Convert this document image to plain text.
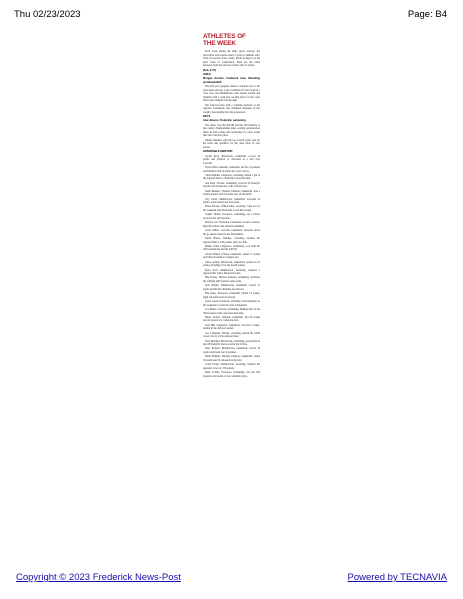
Thu 02/23/2023	Page: B4
ATHLETES OF
THE WEEK

Each week during the three sports seasons, the News-Post and Gazette select a group of athletes who, from all corners of the county, made an impact on the prior week of competition. Here are the latest honorees from the previous week's slate of action.

[Feb. 9-17]

GIRLS

Morgan Gordon, Frederick area, Wrestling and Basketball

The first-year grappler ended a standout run at the state duals and was a key contributor for her team in a close win over Middletown, then turned around and finished with a team-best scoring effort on the court before the weekend was through.

She followed that with a winning decision at the regional tournament and remained unbeaten in her weight class heading into the postseason.

BOYS

Alex Jimeno, Frederick, swimming

The senior won the 200 IM and the 100 butterfly at the county championship meet, posting personal-best times in both events and anchoring two relay teams that also took first place.

Jimeno finished with the top overall point total for his team and qualified for the state meet in four events.

HONORABLE MENTION

Jordan Ross, Brunswick, basketball, scored 24 points and grabbed 11 rebounds in a win over Catoctin.

Taylor Hunt, Oakdale, basketball, hit five 3-pointers and finished with 19 points in a road victory.

Chris Mendez, Linganore, wrestling, earned a pin in the regional final to claim the 152-pound title.

Ava Patel, Urbana, swimming, won the 50 freestyle and the 100 backstroke at the county meet.

Noah Bennett, Thomas Johnson, basketball, had a double-double with 16 points and 12 rebounds.

Lily Carter, Middletown, basketball, recorded 14 points, seven assists and five steals.

Ethan Brooks, Walkersville, wrestling, went 4-0 on the weekend with three pins to win his bracket.

Sophie Turner, Tuscarora, swimming, set a school record in the 200 freestyle.

Marcus Lee, Frederick, basketball, scored a season-high 28 points in the division semifinal.

Grace Miller, Catoctin, basketball, knocked down the go-ahead basket in the final minute.

Dylan Harris, Oakdale, wrestling, reached the regional final at 138 pounds after two falls.

Emma Clark, Linganore, swimming, won both the 100 breaststroke and the 200 IM.

Owen Walker, Urbana, basketball, added 17 points and nine rebounds in a league win.

Chloe Adams, Brunswick, basketball, poured in 22 points, including 10 in the fourth quarter.

Ryan Scott, Middletown, wrestling, captured a regional title with a third-period pin.

Mia Young, Thomas Johnson, swimming, anchored the winning 400 freestyle relay team.

Jack Wright, Walkersville, basketball, scored 15 points and hit the clinching free throws.

Ella King, Tuscarora, basketball, tallied 13 points, eight rebounds and four blocks.

Lucas Green, Frederick, wrestling, went unbeaten on the weekend to reach the state tournament.

Zoe Baker, Catoctin, swimming, finished first in the 500 freestyle with a personal-best time.

Henry Nelson, Oakdale, basketball, had 20 points and six assists in a comeback win.

Aria Hill, Linganore, basketball, recorded a triple-double in the division opener.

Leo Campbell, Urbana, wrestling, earned his 100th career victory at the regional meet.

Nora Mitchell, Brunswick, swimming, placed first in the 100 butterfly and second in the 50 free.

Isaac Roberts, Middletown, basketball, scored 18 points and made four 3-pointers.

Hazel Phillips, Thomas Johnson, basketball, added 16 points and 10 rebounds in the win.

Caleb Evans, Walkersville, wrestling, claimed the regional crown at 170 pounds.

Ruby Collins, Tuscarora, swimming, won the 200 freestyle and swam on two winning relays.

Copyright © 2023 Frederick News-Post	Powered by TECNAVIA
